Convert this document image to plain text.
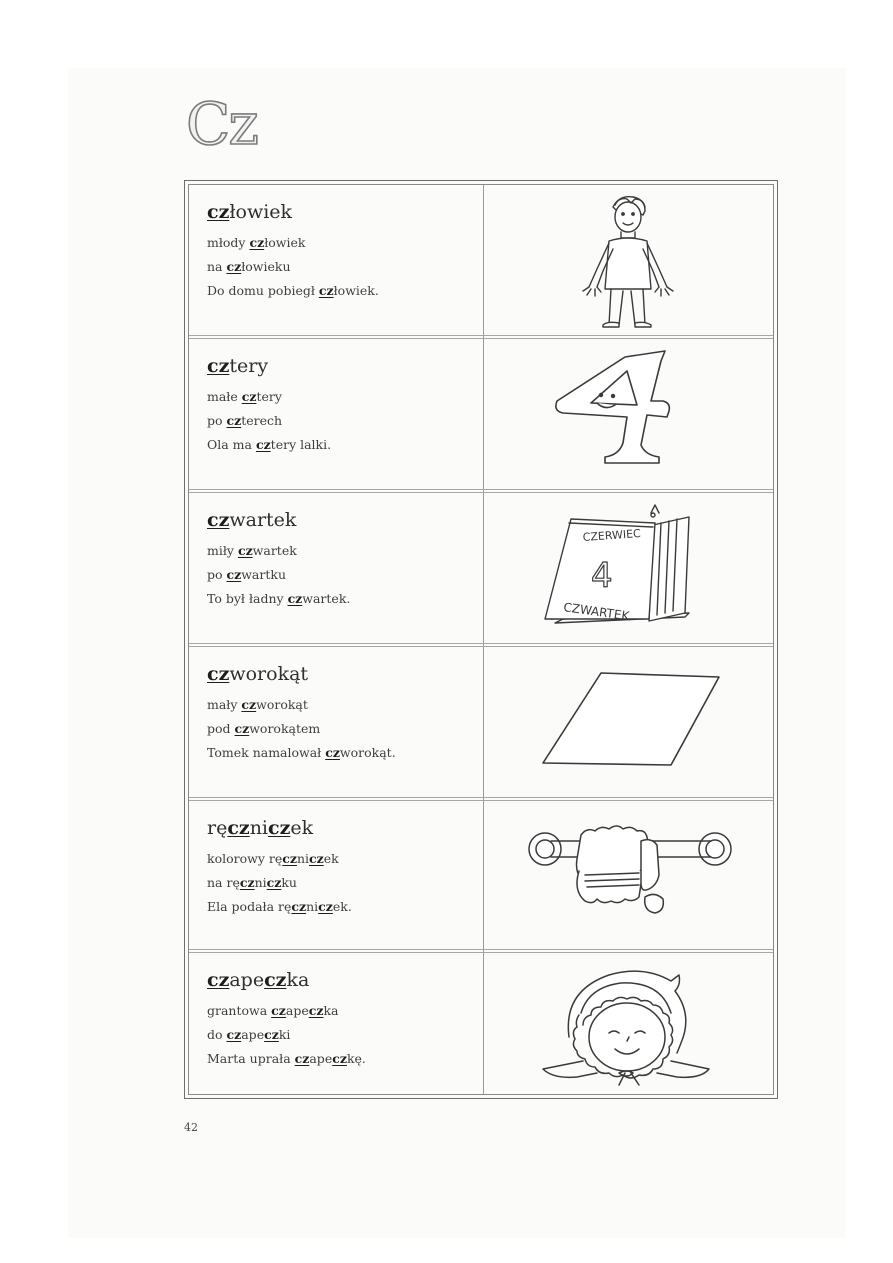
Cz
człowiek
młody człowiek
na człowieku
Do domu pobiegł człowiek.
cztery
małe cztery
po czterech
Ola ma cztery lalki.
czwartek
miły czwartek
po czwartku
To był ładny czwartek.
CZERWIEC
4
CZWARTEK
czworokąt
mały czworokąt
pod czworokątem
Tomek namalował czworokąt.
ręczniczek
kolorowy ręczniczek
na ręczniczku
Ela podała ręczniczek.
czapeczka
grantowa czapeczka
do czapeczki
Marta uprała czapeczkę.
42
